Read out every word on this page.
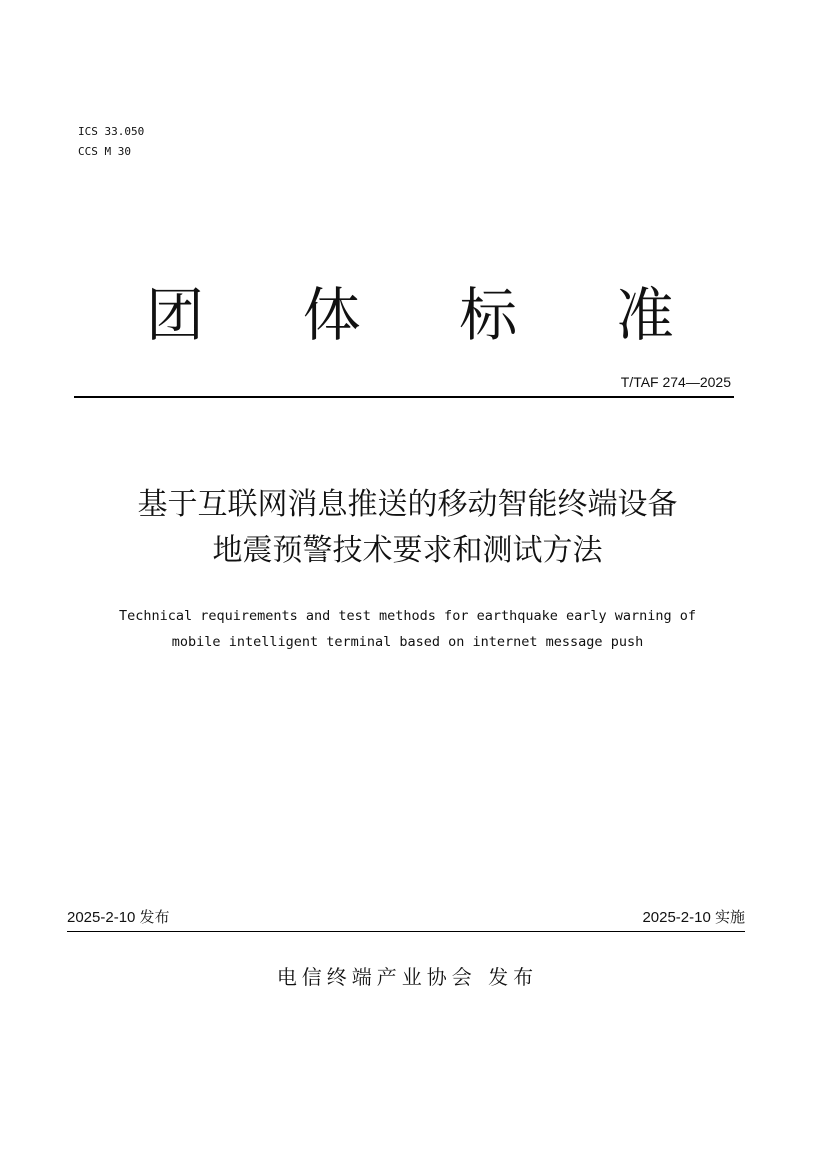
ICS 33.050
CCS M 30
团 体 标 准
T/TAF 274—2025
基于互联网消息推送的移动智能终端设备
地震预警技术要求和测试方法
Technical requirements and test methods for earthquake early warning of
mobile intelligent terminal based on internet message push
2025-2-10 发布	2025-2-10 实施
电信终端产业协会 发布
